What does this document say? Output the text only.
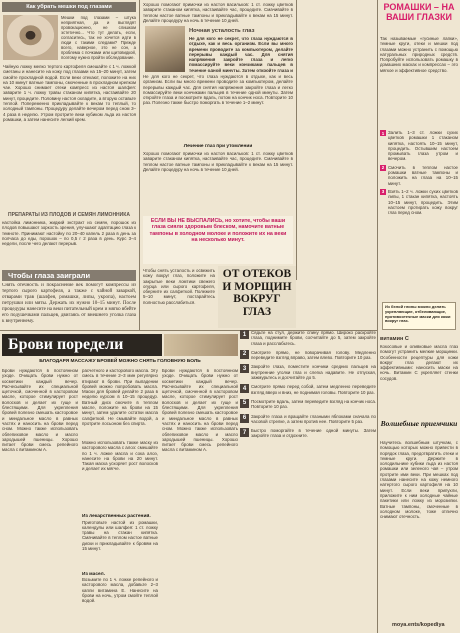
Как убрать мешки под глазами
Мешки под глазами – штука неприятная, да и выглядят провокационно, не слишком эстетично... Что тут делать, если, согласитесь, так не хочется идти в люди с такими следами? Прежде всего, наверное, это не сон, а проблема с почками или щитовидкой, поэтому нужно пройти обследование.
Чайную ложку мелко тертого картофеля смешайте с 1 ч. ложкой сметаны и нанесите на кожу под глазами на 15–20 минут, затем смойте прохладной водой. Если веки отекают, положите на них на 10 минут ватные тампоны, смоченные в прохладном крепком чае. Хорошо снимает отеки компресс из настоя шалфея: заварите 1 ч. ложку травы стаканом кипятка, настаивайте 20 минут, процедите. Половину настоя охладите, а вторую оставьте теплой. Попеременно прикладывайте к векам то теплый, то холодный тампоны. Процедуру делайте вечером перед сном 3–4 раза в неделю. Утром протрите веки кубиком льда из настоя ромашки, а затем нанесите легкий крем.
ПРЕПАРАТЫ ИЗ ПЛОДОВ И СЕМЯН ЛИМОННИКА
настойка лимонника, жидкий экстракт из семян, порошок из плодов повышают зоркость зрения, улучшают адаптацию глаза к темноте. Принимают настойку по 20–40 капель 2 раза в день за полчаса до еды, порошок – по 0,5 г 2 раза в день. Курс 3–4 недели, после чего делают перерыв.
Чтобы глаза заиграли
Снять отечность и покраснение век помогут компрессы из тертого сырого картофеля, а также с чайной заваркой, отварами трав (шалфея, ромашки, липы, укропа), настоем петрушки или мяты. Держать их нужно 10–15 минут. После процедуры нанесите на веки питательный крем и мягко вбейте его подушечками пальцев, двигаясь от внешнего уголка глаза к внутреннему.
Хорошо помогают примочки из настоя васильков: 1 ст. ложку цветков заварите стаканом кипятка, настаивайте час, процедите. Смачивайте в теплом настое ватные тампоны и прикладывайте к векам на 15 минут. Делайте процедуру на ночь в течение 10 дней.
Ночная усталость глаз
Не для кого не секрет, что глаза нуждаются в отдыхе, как и весь организм. Если вы много времени проводите за компьютером, делайте перерывы каждый час. Для снятия напряжения закройте глаза и легко помассируйте веки кончиками пальцев в течение одной минуты. Затем откройте глаза и
Не для кого не секрет, что глаза нуждаются в отдыхе, как и весь организм. Если вы много времени проводите за компьютером, делайте перерывы каждый час. Для снятия напряжения закройте глаза и легко помассируйте веки кончиками пальцев в течение одной минуты. Затем откройте глаза и посмотрите вдаль, потом на кончик носа. Повторите 10 раз. Полезно также быстро поморгать в течение 1–2 минут.
Лечение глаз при утомлении
Хорошо помогают примочки из настоя васильков: 1 ст. ложку цветков заварите стаканом кипятка, настаивайте час, процедите. Смачивайте в теплом настое ватные тампоны и прикладывайте к векам на 15 минут. Делайте процедуру на ночь в течение 10 дней.
ЕСЛИ ВЫ НЕ ВЫСПАЛИСЬ, но хотите, чтобы ваши глаза сияли здоровым блеском, намочите ватные тампоны в холодном молоке и положите их на веки на несколько минут.
Чтобы снять усталость и освежить кожу вокруг глаз, положите на закрытые веки ломтики свежего огурца или сырого картофеля, оберните их салфеткой. Полежите 5–10 минут, постарайтесь полностью расслабиться.
ОТ ОТЕКОВ И МОРЩИН ВОКРУГ ГЛАЗ
1	Сядьте на стул, держите спину прямо. Широко раскройте глаза, поднимите брови, сосчитайте до 5, затем закройте глаза и расслабьтесь.
2	Смотрите прямо, не поворачивая голову. Медленно переведите взгляд вправо, затем влево. Повторите 10 раз.
3	Закройте глаза, поместите кончики средних пальцев на внутренние уголки глаз и слегка надавите. Не отпуская, зажмурьтесь и досчитайте до 5.
4	Смотрите прямо перед собой, затем медленно переведите взгляд вверх и вниз, не поднимая головы. Повторите 10 раз.
5	Посмотрите вдаль, затем переведите взгляд на кончик носа. Повторите 10 раз.
6	Закройте глаза и вращайте глазными яблоками сначала по часовой стрелке, а затем против нее. Повторите 5 раз.
7	Быстро поморгайте в течение одной минуты. Затем закройте глаза и отдохните.
Брови поредели
БЛАГОДАРЯ МАССАЖУ БРОВЕЙ МОЖНО СНЯТЬ ГОЛОВНУЮ БОЛЬ
Брови нуждаются в постоянном уходе. Очищать брови нужно от косметики каждый вечер. Расчесывайте их специальной щеточкой, смоченной в касторовом масле, которое стимулирует рост волосков и делает их гуще и блестящими. Для укрепления бровей полезно смешать касторовое и миндальное масло в равных частях и наносить на брови перед сном. Можно также использовать облепиховое масло и масло зародышей пшеницы. Хорошо питает брови смесь репейного масла с витамином А.
расчетного и касторового масла. Эту смесь в течение 2–3 мин регулярно втирают в брови. При выпадении бровей можно попробовать масла. Маски для бровей делайте 2 раза в неделю курсом в 10–15 процедур. Ватный диск смочите в теплом масле, положите на брови на 15 минут, затем удалите остатки масла салфеткой. Не смывайте водой, а протрите лосьоном без спирта.
Можно использовать также маску из касторового масла с алоэ: смешайте по 1 ч. ложке масла и сока алоэ, нанесите на брови на 20 минут. Такая маска ускоряет рост волосков и делает их мягче.
Из лекарственных растений.
Приготовьте настой из ромашки, календулы или шалфея: 1 ст. ложку травы на стакан кипятка. Смачивайте в теплом настое ватные диски и прикладывайте к бровям на 15 минут.
Из масел.
Возьмите по 1 ч. ложке репейного и касторового масла, добавьте 2–3 капли витамина Е. Нанесите на брови на ночь, утром смойте теплой водой.
Брови нуждаются в постоянном уходе. Очищать брови нужно от косметики каждый вечер. Расчесывайте их специальной щеточкой, смоченной в касторовом масле, которое стимулирует рост волосков и делает их гуще и блестящими. Для укрепления бровей полезно смешать касторовое и миндальное масло в равных частях и наносить на брови перед сном. Можно также использовать облепиховое масло и масло зародышей пшеницы. Хорошо питает брови смесь репейного масла с витамином А.
РОМАШКИ – НА ВАШИ ГЛАЗКИ
Так называемые «гусиные лапки», темные круги, отеки и мешки под глазами можно устранить с помощью натуральных природных средств. Попробуйте использовать ромашку в домашних масках и компрессах – это мягкое и эффективное средство.
1 Залить 1–3 ст. ложки сухих цветков ромашки 1 стаканом кипятка, настоять 10–15 минут, процедить. Остывшим настоем промывать глаза утром и вечером.
2 Смочить в теплом настое ромашки ватные тампоны и положить на глаза на 10–15 минут.
3 Взять 1–2 ч. ложки сухих цветков липы, 1 стакан кипятка, настоять 10–15 минут, процедить. Этим настоем протирать кожу вокруг глаз перед сном.
Из белой глины можно делать укрепляющие, отбеливающие, противоотечные маски для кожи вокруг глаз.
витамин С
Кокосовые и оливковые масла глаз помогут устранить мелкие морщинки. Особенности рецептуры для кожи вокруг глаз делают их эффективными: наносить маски на ночь. Витамин С укрепляет стенки сосудов.
Волшебные приемчики
Научитесь волшебным штучкам, с помощью которых можно привести в порядок глаза, предотвратить отеки и темные круги. Держите в холодильнике кубики льда из настоя ромашки или зеленого чая – утром протрите ими веки. При мешках под глазами нанесите на кожу немного натертого сырого картофеля на 10 минут. Если веки припухли, приложите к ним холодные чайные пакетики или ложку из морозилки. Ватные тампоны, смоченные в холодном молоке, тоже отлично снимают отечность.
moya.ents/kopediya
